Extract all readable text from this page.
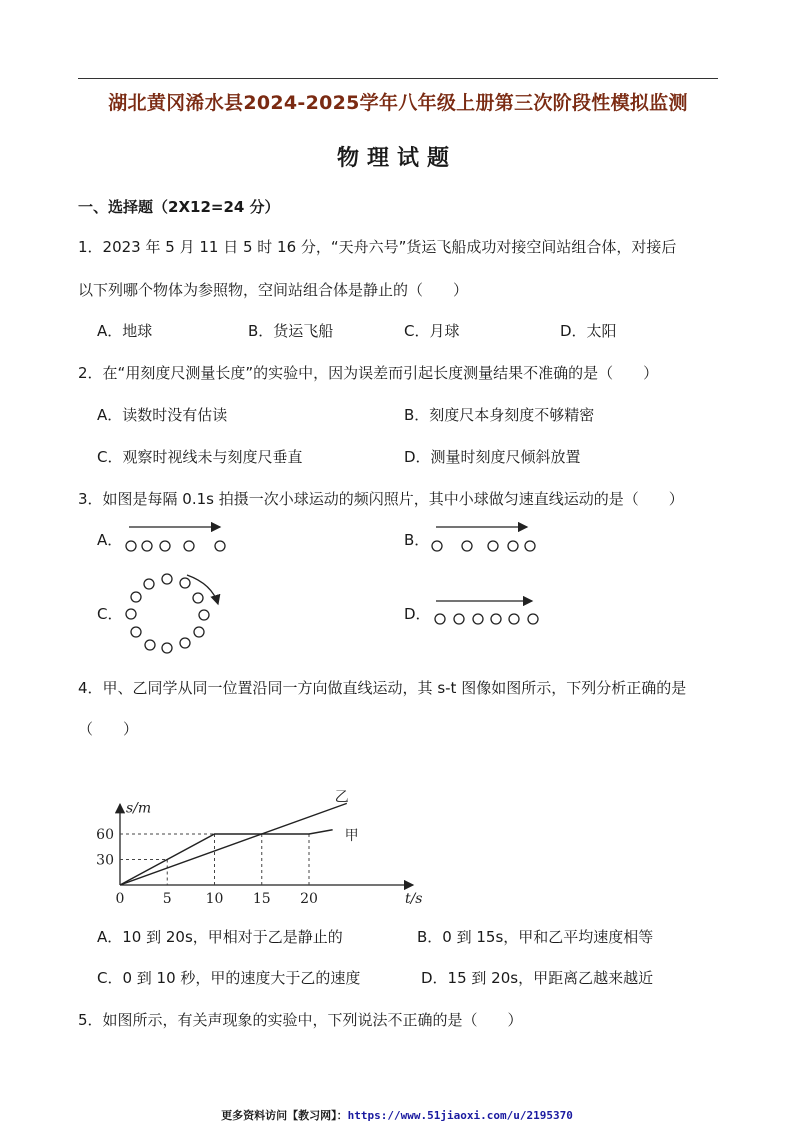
湖北黄冈浠水县2024-2025学年八年级上册第三次阶段性模拟监测
物理试题
一、选择题（2X12=24 分）
1．2023 年 5 月 11 日 5 时 16 分，“天舟六号”货运飞船成功对接空间站组合体，对接后
以下列哪个物体为参照物，空间站组合体是静止的（　　）
A．地球	B．货运飞船	C．月球	D．太阳
2．在“用刻度尺测量长度”的实验中，因为误差而引起长度测量结果不准确的是（　　）
A．读数时没有估读	B．刻度尺本身刻度不够精密
C．观察时视线未与刻度尺垂直	D．测量时刻度尺倾斜放置
3．如图是每隔 0.1s 拍摄一次小球运动的频闪照片，其中小球做匀速直线运动的是（　　）
A．	B．
C．	D．
4．甲、乙同学从同一位置沿同一方向做直线运动，其 s-t 图像如图所示，下列分析正确的是
（　　）
t/s
s/m
0	5 10 15 20
30
60	甲
乙
A．10 到 20s，甲相对于乙是静止的	B．0 到 15s，甲和乙平均速度相等
C．0 到 10 秒，甲的速度大于乙的速度	D．15 到 20s，甲距离乙越来越近
5．如图所示，有关声现象的实验中，下列说法不正确的是（　　）
更多资料访问【教习网】：https://www.51jiaoxi.com/u/2195370
